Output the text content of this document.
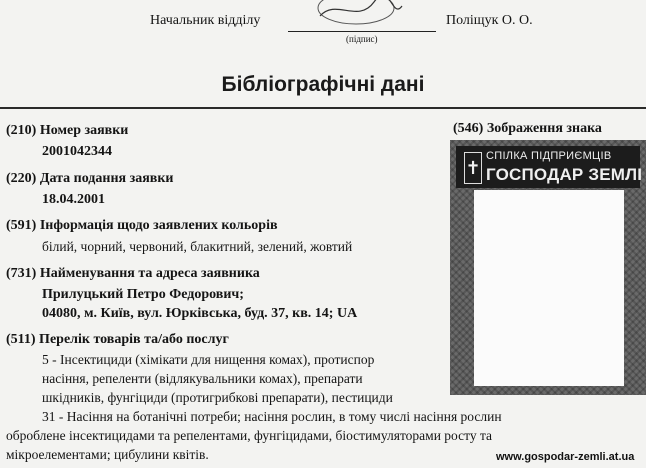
Начальник відділу
(підпис)
Поліщук О. О.
Бібліографічні дані
(210) Номер заявки
2001042344
(220) Дата подання заявки
18.04.2001
(591) Інформація щодо заявлених кольорів
білий, чорний, червоний, блакитний, зелений, жовтий
(731) Найменування та адреса заявника
Прилуцький Петро Федорович;
04080, м. Київ, вул. Юрківська, буд. 37, кв. 14; UA
(511) Перелік товарів та/або послуг
5 - Інсектициди (хімікати для нищення комах), протиспор
насіння, репеленти (відлякувальники комах), препарати
шкідників, фунгіциди (протигрибкові препарати), пестициди
(546) Зображення знака
✝
СПІЛКА ПІДПРИЄМЦІВ
ГОСПОДАР ЗЕМЛІ
31 - Насіння на ботанічні потреби; насіння рослин, в тому числі насіння рослин
оброблене інсектицидами та репелентами, фунгіцидами, біостимуляторами росту та
мікроелементами; цибулини квітів.	www.gospodar-zemli.at.ua
